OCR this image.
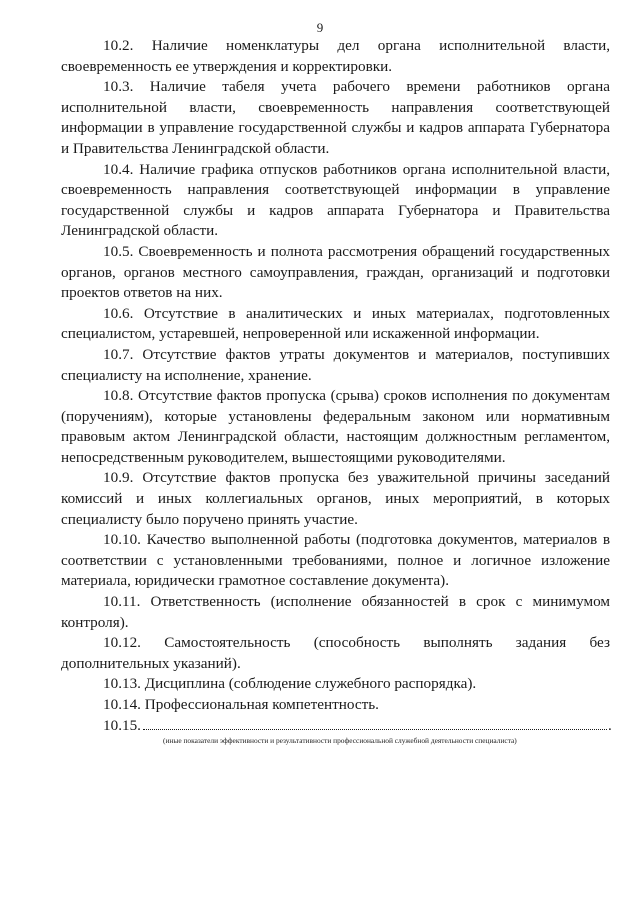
9

10.2. Наличие номенклатуры дел органа исполнительной власти, своевременность ее утверждения и корректировки.

10.3. Наличие табеля учета рабочего времени работников органа исполнительной власти, своевременность направления соответствующей информации в управление государственной службы и кадров аппарата Губернатора и Правительства Ленинградской области.

10.4. Наличие графика отпусков работников органа исполнительной власти, своевременность направления соответствующей информации в управление государственной службы и кадров аппарата Губернатора и Правительства Ленинградской области.

10.5. Своевременность и полнота рассмотрения обращений государственных органов, органов местного самоуправления, граждан, организаций и подготовки проектов ответов на них.

10.6. Отсутствие в аналитических и иных материалах, подготовленных специалистом, устаревшей, непроверенной или искаженной информации.

10.7. Отсутствие фактов утраты документов и материалов, поступивших специалисту на исполнение, хранение.

10.8. Отсутствие фактов пропуска (срыва) сроков исполнения по документам (поручениям), которые установлены федеральным законом или нормативным правовым актом Ленинградской области, настоящим должностным регламентом, непосредственным руководителем, вышестоящими руководителями.

10.9. Отсутствие фактов пропуска без уважительной причины заседаний комиссий и иных коллегиальных органов, иных мероприятий, в которых специалисту было поручено принять участие.

10.10. Качество выполненной работы (подготовка документов, материалов в соответствии с установленными требованиями, полное и логичное изложение материала, юридически грамотное составление документа).

10.11. Ответственность (исполнение обязанностей в срок с минимумом контроля).

10.12. Самостоятельность (способность выполнять задания без дополнительных указаний).

10.13. Дисциплина (соблюдение служебного распорядка).

10.14. Профессиональная компетентность.

10.15.	.

(иные показатели эффективности и результативности профессиональной служебной деятельности специалиста)
